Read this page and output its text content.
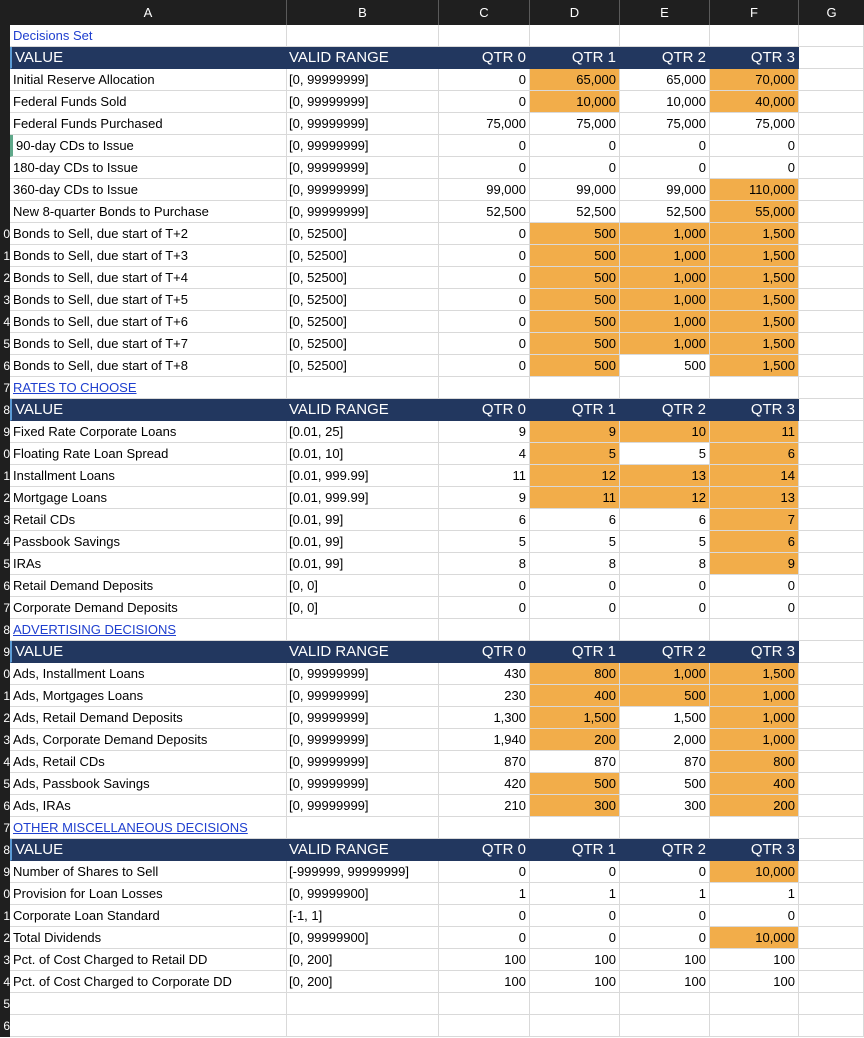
A	B	C	D	E	F	G
Decisions Set
VALUE	VALID RANGE	QTR 0	QTR 1	QTR 2	QTR 3
Initial Reserve Allocation	[0, 99999999]	0	65,000	65,000	70,000
Federal Funds Sold	[0, 99999999]	0	10,000	10,000	40,000
Federal Funds Purchased	[0, 99999999]	75,000	75,000	75,000	75,000
90-day CDs to Issue	[0, 99999999]	0	0	0	0
180-day CDs to Issue	[0, 99999999]	0	0	0	0
360-day CDs to Issue	[0, 99999999]	99,000	99,000	99,000	110,000
New 8-quarter Bonds to Purchase	[0, 99999999]	52,500	52,500	52,500	55,000
0 Bonds to Sell, due start of T+2	[0, 52500]	0	500	1,000	1,500
1 Bonds to Sell, due start of T+3	[0, 52500]	0	500	1,000	1,500
2 Bonds to Sell, due start of T+4	[0, 52500]	0	500	1,000	1,500
3 Bonds to Sell, due start of T+5	[0, 52500]	0	500	1,000	1,500
4 Bonds to Sell, due start of T+6	[0, 52500]	0	500	1,000	1,500
5 Bonds to Sell, due start of T+7	[0, 52500]	0	500	1,000	1,500
6 Bonds to Sell, due start of T+8	[0, 52500]	0	500	500	1,500
7 RATES TO CHOOSE
8 VALUE	VALID RANGE	QTR 0	QTR 1	QTR 2	QTR 3
9 Fixed Rate Corporate Loans	[0.01, 25]	9	9	10	11
0 Floating Rate Loan Spread	[0.01, 10]	4	5	5	6
1 Installment Loans	[0.01, 999.99]	11	12	13	14
2 Mortgage Loans	[0.01, 999.99]	9	11	12	13
3 Retail CDs	[0.01, 99]	6	6	6	7
4 Passbook Savings	[0.01, 99]	5	5	5	6
5 IRAs	[0.01, 99]	8	8	8	9
6 Retail Demand Deposits	[0, 0]	0	0	0	0
7 Corporate Demand Deposits	[0, 0]	0	0	0	0
8 ADVERTISING DECISIONS
9 VALUE	VALID RANGE	QTR 0	QTR 1	QTR 2	QTR 3
0 Ads, Installment Loans	[0, 99999999]	430	800	1,000	1,500
1 Ads, Mortgages Loans	[0, 99999999]	230	400	500	1,000
2 Ads, Retail Demand Deposits	[0, 99999999]	1,300	1,500	1,500	1,000
3 Ads, Corporate Demand Deposits	[0, 99999999]	1,940	200	2,000	1,000
4 Ads, Retail CDs	[0, 99999999]	870	870	870	800
5 Ads, Passbook Savings	[0, 99999999]	420	500	500	400
6 Ads, IRAs	[0, 99999999]	210	300	300	200
7 OTHER MISCELLANEOUS DECISIONS
8 VALUE	VALID RANGE	QTR 0	QTR 1	QTR 2	QTR 3
9 Number of Shares to Sell	[-999999, 99999999]	0	0	0	10,000
0 Provision for Loan Losses	[0, 99999900]	1	1	1	1
1 Corporate Loan Standard	[-1, 1]	0	0	0	0
2 Total Dividends	[0, 99999900]	0	0	0	10,000
3 Pct. of Cost Charged to Retail DD	[0, 200]	100	100	100	100
4 Pct. of Cost Charged to Corporate DD	[0, 200]	100	100	100	100
5
6
